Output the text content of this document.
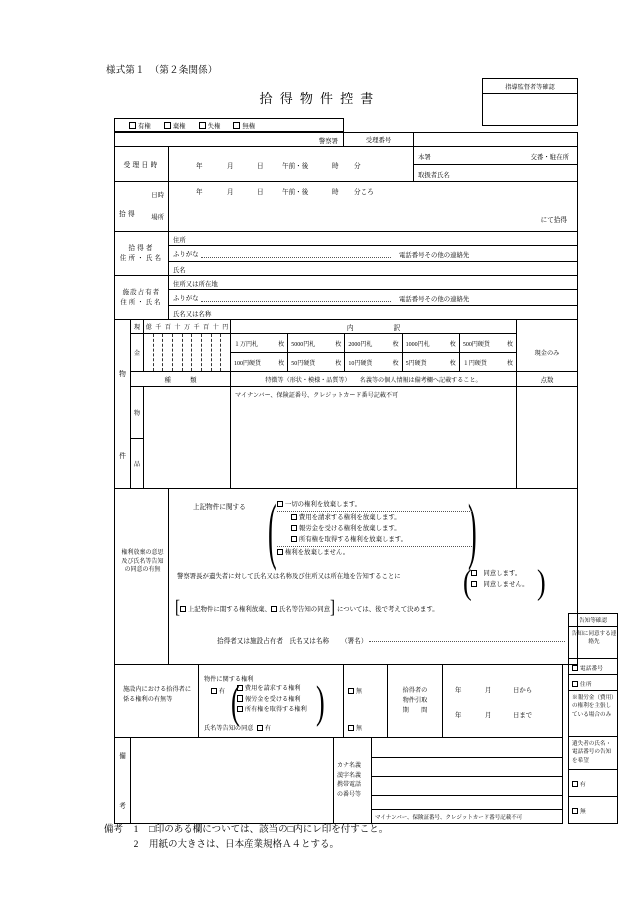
様式第１　（第２条関係）
拾得物件控書
指導監督者等確認
有権	棄権	失権	無権
警察署	受理番号
受理日時	年	月	日	午前・後	時 分
本署	交番・駐在所
取扱者氏名
拾得
日時
場所
年	月	日	午前・後	時 分ころ
にて拾得
拾得者
住所・氏名
住所
ふりがな	電話番号その他の連絡先
氏名
施設占有者
住所・氏名
住所又は所在地
ふりがな	電話番号その他の連絡先
氏名又は名称
物
件
現
金
億 千 百 十 万 千 百 十 円	内	訳
現金のみ
１万円札	枚 5000円札	枚 2000円札	枚 1000円札	枚 500円硬貨	枚
100円硬貨	枚 50円硬貨	枚 10円硬貨	枚 5円硬貨	枚 １円硬貨	枚
種　　　類	特徴等（形状・模様・品質等）　　名義等の個人情報は備考欄へ記載すること。	点数
物
品
マイナンバー、保険証番号、クレジットカード番号記載不可
権利放棄の意思及び氏名等告知の同意の有無
上記物件に関する (	)
一切の権利を放棄します。
費用を請求する権利を放棄します。
報労金を受ける権利を放棄します。
所有権を取得する権利を放棄します。
権利を放棄しません。
警察署長が遺失者に対して氏名又は名称及び住所又は所在地を告知することに (	)
同意します。
同意しません。
[	上記物件に関する権利放棄、	氏名等告知の同意 ] については、後で考えて決めます。
拾得者又は施設占有者　氏名又は名称 （署名）
施設内における拾得者に係る権利の有無等
物件に関する権利
有 (	)
費用を請求する権利
報労金を受ける権利
所有権を取得する権利
氏名等告知の同意	有
無
無
拾得者の
物件引取
期　　間
年	月	日から
年	月	日まで
備
考
カナ名義
漢字名義
携帯電話
の番号等
マイナンバー、保険証番号、クレジットカード番号記載不可
告知等確認
告知に同意する連絡先
電話番号
住所
※報労金（費用）の権利を主張している場合のみ
遺失者の氏名・電話番号の告知を希望
有
無
備考	1	□印のある欄については、該当の□内にレ印を付すこと。
2	用紙の大きさは、日本産業規格Ａ４とする。
